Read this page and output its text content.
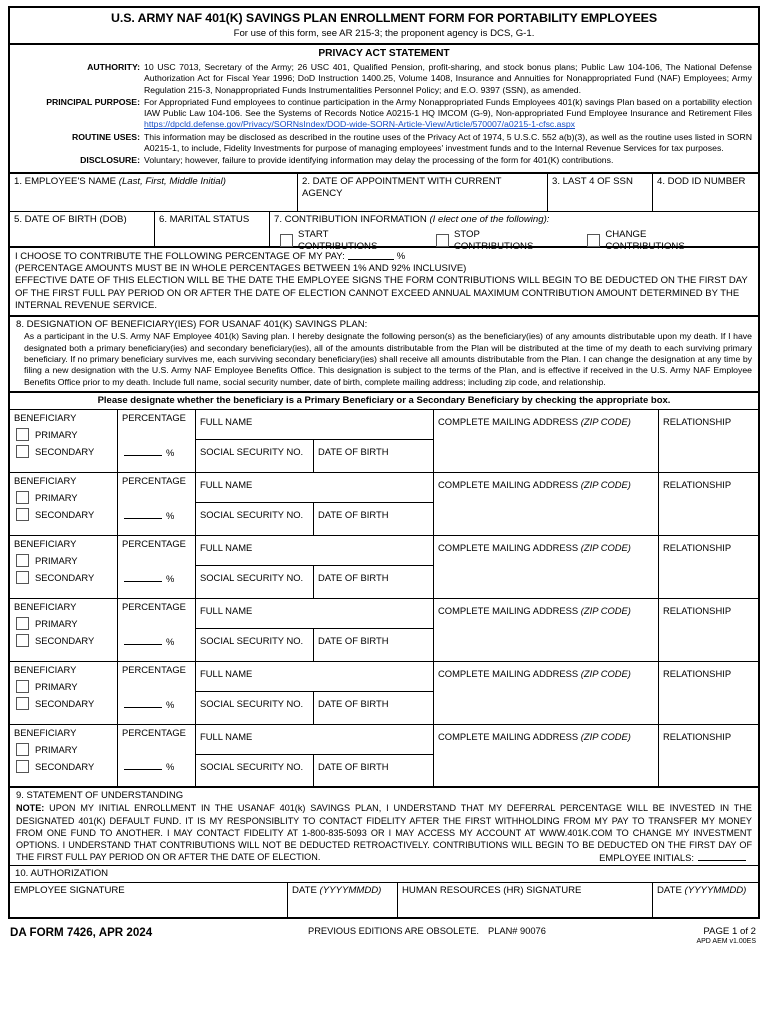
U.S. ARMY NAF 401(K) SAVINGS PLAN ENROLLMENT FORM FOR PORTABILITY EMPLOYEES
For use of this form, see AR 215-3; the proponent agency is DCS, G-1.
PRIVACY ACT STATEMENT
AUTHORITY: 10 USC 7013, Secretary of the Army; 26 USC 401, Qualified Pension, profit-sharing, and stock bonus plans; Public Law 104-106, The National Defense Authorization Act for Fiscal Year 1996; DoD Instruction 1400.25, Volume 1408, Insurance and Annuities for Nonappropriated Fund (NAF) Employees; Army Regulation 215-3, Nonappropriated Funds Instrumentalities Personnel Policy; and E.O. 9397 (SSN), as amended.
PRINCIPAL PURPOSE: For Appropriated Fund employees to continue participation in the Army Nonappropriated Funds Employees 401(k) savings Plan based on a portability election IAW Public Law 104-106. See the Systems of Records Notice A0215-1 HQ IMCOM (G-9), Non-appropriated Fund Employee Insurance and Retirement Files https://dpcld.defense.gov/Privacy/SORNsIndex/DOD-wide-SORN-Article-View/Article/570007/a0215-1-cfsc.aspx
ROUTINE USES: This information may be disclosed as described in the routine uses of the Privacy Act of 1974, 5 U.S.C. 552 a(b)(3), as well as the routine uses listed in SORN A0215-1, to include, Fidelity Investments for purpose of managing employees' investment funds and to the Internal Revenue Services for tax purposes.
DISCLOSURE: Voluntary; however, failure to provide identifying information may delay the processing of the form for 401(K) contributions.
1. EMPLOYEE'S NAME (Last, First, Middle Initial)	2. DATE OF APPOINTMENT WITH CURRENT AGENCY
3. LAST 4 OF SSN	4. DOD ID NUMBER
5. DATE OF BIRTH (DOB)	6. MARITAL STATUS	7. CONTRIBUTION INFORMATION (I elect one of the following):
START CONTRIBUTIONS
STOP CONTRIBUTIONS
CHANGE CONTRIBUTIONS
I CHOOSE TO CONTRIBUTE THE FOLLOWING PERCENTAGE OF MY PAY:	%
(PERCENTAGE AMOUNTS MUST BE IN WHOLE PERCENTAGES BETWEEN 1% AND 92% INCLUSIVE)
EFFECTIVE DATE OF THIS ELECTION WILL BE THE DATE THE EMPLOYEE SIGNS THE FORM CONTRIBUTIONS WILL BEGIN TO BE DEDUCTED ON THE FIRST DAY OF THE FIRST FULL PAY PERIOD ON OR AFTER THE DATE OF ELECTION CANNOT EXCEED ANNUAL MAXIMUM CONTRIBUTION AMOUNT DETERMINED BY THE INTERNAL REVENUE SERVICE.
8. DESIGNATION OF BENEFICIARY(IES) FOR USANAF 401(K) SAVINGS PLAN:
As a participant in the U.S. Army NAF Employee 401(k) Saving plan. I hereby designate the following person(s) as the beneficiary(ies) of any amounts distributable upon my death. If I have designated both a primary beneficiary(ies) and secondary beneficiary(ies), all of the amounts distributable from the Plan will be distributed at the time of my death to each surviving primary beneficiary. If no primary beneficiary survives me, each surviving secondary beneficiary(ies) shall receive all amounts distributable from the Plan. I can change the designation at any time by filing a new designation with the U.S. Army NAF Employee Benefits Office. This designation is subject to the terms of the Plan, and is effective if received in the U.S. Army NAF Employee Benefits Office prior to my death. Include full name, social security number, date of birth, complete mailing address; including zip code, and relationship.
Please designate whether the beneficiary is a Primary Beneficiary or a Secondary Beneficiary by checking the appropriate box.
BENEFICIARY
PRIMARY
SECONDARY
PERCENTAGE
%
FULL NAME
SOCIAL SECURITY NO.	DATE OF BIRTH
COMPLETE MAILING ADDRESS (ZIP CODE)	RELATIONSHIP
BENEFICIARY
PRIMARY
SECONDARY
PERCENTAGE
%
FULL NAME
SOCIAL SECURITY NO.	DATE OF BIRTH
COMPLETE MAILING ADDRESS (ZIP CODE)	RELATIONSHIP
BENEFICIARY
PRIMARY
SECONDARY
PERCENTAGE
%
FULL NAME
SOCIAL SECURITY NO.	DATE OF BIRTH
COMPLETE MAILING ADDRESS (ZIP CODE)	RELATIONSHIP
BENEFICIARY
PRIMARY
SECONDARY
PERCENTAGE
%
FULL NAME
SOCIAL SECURITY NO.	DATE OF BIRTH
COMPLETE MAILING ADDRESS (ZIP CODE)	RELATIONSHIP
BENEFICIARY
PRIMARY
SECONDARY
PERCENTAGE
%
FULL NAME
SOCIAL SECURITY NO.	DATE OF BIRTH
COMPLETE MAILING ADDRESS (ZIP CODE)	RELATIONSHIP
BENEFICIARY
PRIMARY
SECONDARY
PERCENTAGE
%
FULL NAME
SOCIAL SECURITY NO.	DATE OF BIRTH
COMPLETE MAILING ADDRESS (ZIP CODE)	RELATIONSHIP
9. STATEMENT OF UNDERSTANDING
NOTE: UPON MY INITIAL ENROLLMENT IN THE USANAF 401(k) SAVINGS PLAN, I UNDERSTAND THAT MY DEFERRAL PERCENTAGE WILL BE INVESTED IN THE DESIGNATED 401(K) DEFAULT FUND. IT IS MY RESPONSIBLITY TO CONTACT FIDELITY AFTER THE FIRST WITHHOLDING FROM MY PAY TO TRANSFER MY MONEY FROM ONE FUND TO ANOTHER. I MAY CONTACT FIDELITY AT 1-800-835-5093 OR I MAY ACCESS MY ACCOUNT AT WWW.401K.COM TO CHANGE MY INVESTMENT OPTIONS. I UNDERSTAND THAT CONTRIBUTIONS WILL NOT BE DEDUCTED RETROACTIVELY. CONTRIBUTIONS WILL BEGIN TO BE DEDUCTED ON THE FIRST DAY OF THE FIRST FULL PAY PERIOD ON OR AFTER THE DATE OF ELECTION.	EMPLOYEE INITIALS:
10. AUTHORIZATION
EMPLOYEE SIGNATURE	DATE (YYYYMMDD)	HUMAN RESOURCES (HR) SIGNATURE	DATE (YYYYMMDD)
DA FORM 7426, APR 2024	PREVIOUS EDITIONS ARE OBSOLETE. PLAN# 90076	PAGE 1 of 2
APD AEM v1.00ES
